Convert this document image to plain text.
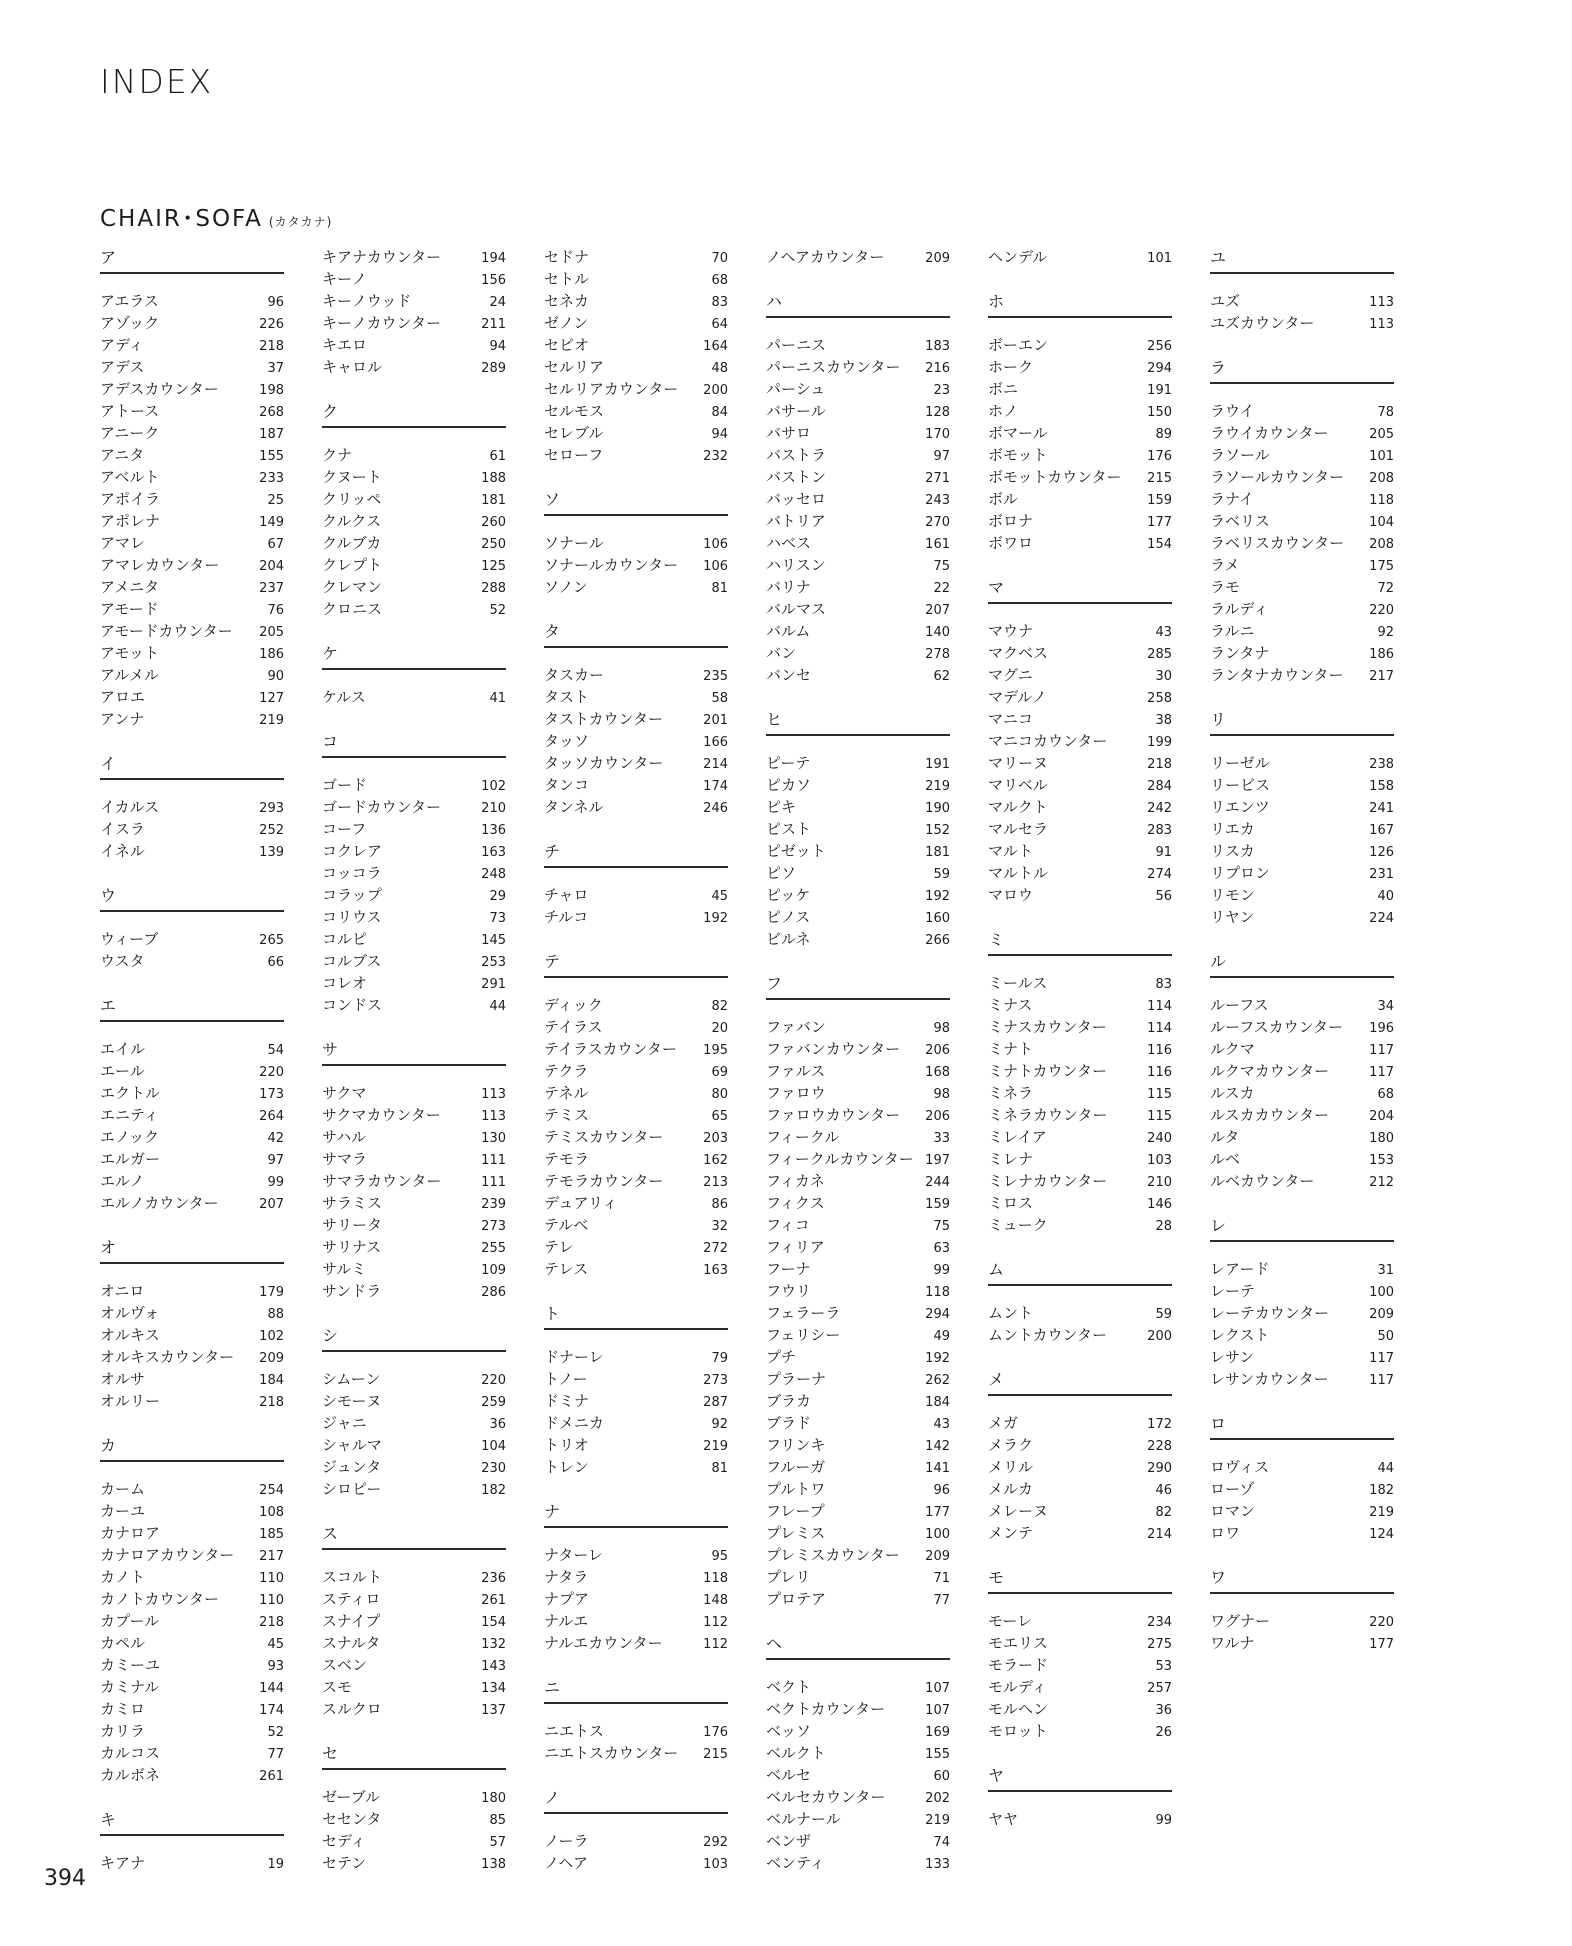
INDEX
CHAIR･SOFA (カタカナ)
ア
アエラス	96
アゾック	226
アディ	218
アデス	37
アデスカウンター	198
アトース	268
アニーク	187
アニタ	155
アベルト	233
アポイラ	25
アポレナ	149
アマレ	67
アマレカウンター	204
アメニタ	237
アモード	76
アモードカウンター 205
アモット	186
アルメル	90
アロエ	127
アンナ	219
イ
イカルス	293
イスラ	252
イネル	139
ウ
ウィーブ	265
ウスタ	66
エ
エイル	54
エール	220
エクトル	173
エニティ	264
エノック	42
エルガー	97
エルノ	99
エルノカウンター	207
オ
オニロ	179
オルヴォ	88
オルキス	102
オルキスカウンター 209
オルサ	184
オルリー	218
カ
カーム	254
カーユ	108
カナロア	185
カナロアカウンター 217
カノト	110
カノトカウンター	110
カプール	218
カペル	45
カミーユ	93
カミナル	144
カミロ	174
カリラ	52
カルコス	77
カルボネ	261
キ
キアナ	19
キアナカウンター	194
キーノ	156
キーノウッド	24
キーノカウンター	211
キエロ	94
キャロル	289
ク
クナ	61
クヌート	188
クリッペ	181
クルクス	260
クルブカ	250
クレプト	125
クレマン	288
クロニス	52
ケ
ケルス	41
コ
ゴード	102
ゴードカウンター	210
コーフ	136
コクレア	163
コッコラ	248
コラップ	29
コリウス	73
コルピ	145
コルブス	253
コレオ	291
コンドス	44
サ
サクマ	113
サクマカウンター	113
サハル	130
サマラ	111
サマラカウンター	111
サラミス	239
サリータ	273
サリナス	255
サルミ	109
サンドラ	286
シ
シムーン	220
シモーヌ	259
ジャニ	36
シャルマ	104
ジュンタ	230
シロピー	182
ス
スコルト	236
スティロ	261
スナイプ	154
スナルタ	132
スベン	143
スモ	134
スルクロ	137
セ
ゼーブル	180
セセンタ	85
セディ	57
セテン	138
セドナ	70
セトル	68
セネカ	83
ゼノン	64
セピオ	164
セルリア	48
セルリアカウンター 200
セルモス	84
セレブル	94
セローフ	232
ソ
ソナール	106
ソナールカウンター 106
ソノン	81
タ
タスカー	235
タスト	58
タストカウンター	201
タッソ	166
タッソカウンター	214
タンコ	174
タンネル	246
チ
チャロ	45
チルコ	192
テ
ディック	82
テイラス	20
テイラスカウンター 195
テクラ	69
テネル	80
テミス	65
テミスカウンター	203
テモラ	162
テモラカウンター	213
デュアリィ	86
テルベ	32
テレ	272
テレス	163
ト
ドナーレ	79
トノー	273
ドミナ	287
ドメニカ	92
トリオ	219
トレン	81
ナ
ナターレ	95
ナタラ	118
ナプア	148
ナルエ	112
ナルエカウンター	112
ニ
ニエトス	176
ニエトスカウンター 215
ノ
ノーラ	292
ノヘア	103
ノヘアカウンター	209
ハ
パーニス	183
パーニスカウンター 216
パーシュ	23
バサール	128
バサロ	170
バストラ	97
バストン	271
バッセロ	243
バトリア	270
ハベス	161
ハリスン	75
バリナ	22
バルマス	207
バルム	140
バン	278
バンセ	62
ヒ
ピーテ	191
ピカソ	219
ピキ	190
ピスト	152
ピゼット	181
ピソ	59
ピッケ	192
ピノス	160
ビルネ	266
フ
ファバン	98
ファバンカウンター 206
ファルス	168
ファロウ	98
ファロウカウンター 206
フィークル	33
フィークルカウンター 197
フィカネ	244
フィクス	159
フィコ	75
フィリア	63
フーナ	99
フウリ	118
フェラーラ	294
フェリシー	49
プチ	192
プラーナ	262
ブラカ	184
ブラド	43
フリンキ	142
フルーガ	141
プルトワ	96
フレープ	177
プレミス	100
プレミスカウンター 209
プレリ	71
プロテア	77
ヘ
ベクト	107
ベクトカウンター	107
ベッソ	169
ベルクト	155
ベルセ	60
ベルセカウンター	202
ベルナール	219
ベンザ	74
ベンティ	133
ヘンデル	101
ホ
ボーエン	256
ホーク	294
ボニ	191
ホノ	150
ボマール	89
ボモット	176
ボモットカウンター 215
ボル	159
ボロナ	177
ボワロ	154
マ
マウナ	43
マクベス	285
マグニ	30
マデルノ	258
マニコ	38
マニコカウンター	199
マリーヌ	218
マリベル	284
マルクト	242
マルセラ	283
マルト	91
マルトル	274
マロウ	56
ミ
ミールス	83
ミナス	114
ミナスカウンター	114
ミナト	116
ミナトカウンター	116
ミネラ	115
ミネラカウンター	115
ミレイア	240
ミレナ	103
ミレナカウンター	210
ミロス	146
ミューク	28
ム
ムント	59
ムントカウンター	200
メ
メガ	172
メラク	228
メリル	290
メルカ	46
メレーヌ	82
メンテ	214
モ
モーレ	234
モエリス	275
モラード	53
モルディ	257
モルヘン	36
モロット	26
ヤ
ヤヤ	99
ユ
ユズ	113
ユズカウンター	113
ラ
ラウイ	78
ラウイカウンター	205
ラソール	101
ラソールカウンター 208
ラナイ	118
ラベリス	104
ラベリスカウンター 208
ラメ	175
ラモ	72
ラルディ	220
ラルニ	92
ランタナ	186
ランタナカウンター 217
リ
リーゼル	238
リービス	158
リエンツ	241
リエカ	167
リスカ	126
リプロン	231
リモン	40
リヤン	224
ル
ルーフス	34
ルーフスカウンター 196
ルクマ	117
ルクマカウンター	117
ルスカ	68
ルスカカウンター	204
ルタ	180
ルベ	153
ルベカウンター	212
レ
レアード	31
レーテ	100
レーテカウンター	209
レクスト	50
レサン	117
レサンカウンター	117
ロ
ロヴィス	44
ローゾ	182
ロマン	219
ロワ	124
ワ
ワグナー	220
ワルナ	177
394
